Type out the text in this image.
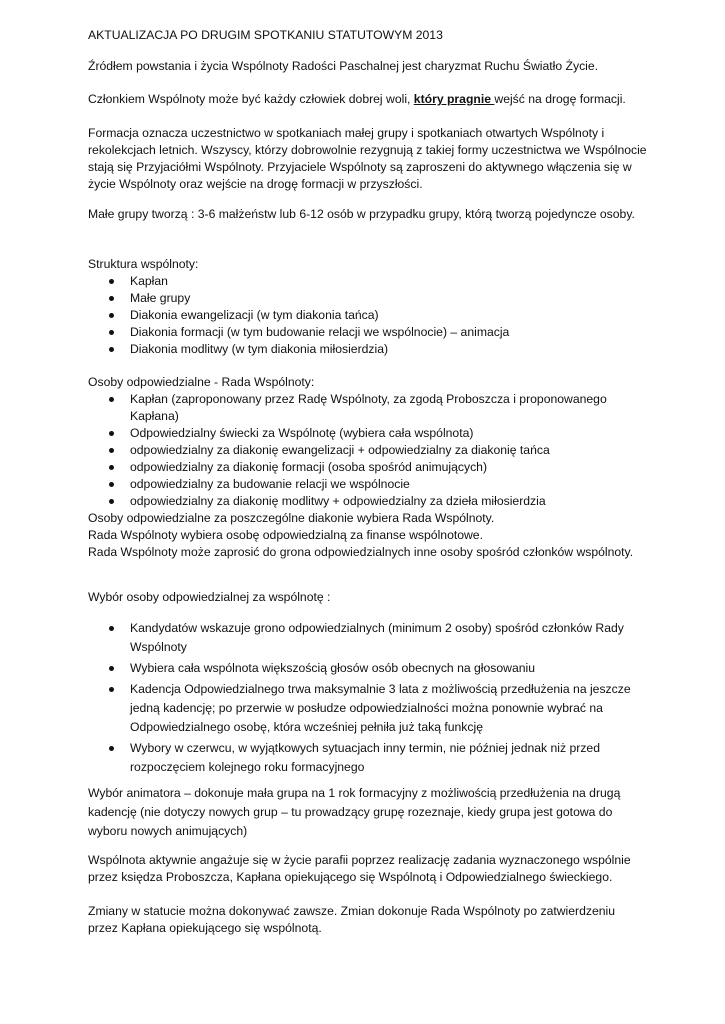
AKTUALIZACJA PO DRUGIM SPOTKANIU STATUTOWYM 2013

Źródłem powstania i życia Wspólnoty Radości Paschalnej jest charyzmat Ruchu Światło Życie.

Członkiem Wspólnoty może być każdy człowiek dobrej woli, który pragnie wejść na drogę formacji.

Formacja oznacza uczestnictwo w spotkaniach małej grupy i spotkaniach otwartych Wspólnoty i rekolekcjach letnich. Wszyscy, którzy dobrowolnie rezygnują z takiej formy uczestnictwa we Wspólnocie stają się Przyjaciółmi Wspólnoty. Przyjaciele Wspólnoty są zaproszeni do aktywnego włączenia się w życie Wspólnoty oraz wejście na drogę formacji w przyszłości.

Małe grupy tworzą : 3-6 małżeństw lub 6-12 osób w przypadku grupy, którą tworzą pojedyncze osoby.

Struktura wspólnoty:
Kapłan
Małe grupy
Diakonia ewangelizacji (w tym diakonia tańca)
Diakonia formacji (w tym budowanie relacji we wspólnocie) – animacja
Diakonia modlitwy (w tym diakonia miłosierdzia)
Osoby odpowiedzialne - Rada Wspólnoty:
Kapłan (zaproponowany przez Radę Wspólnoty, za zgodą Proboszcza i proponowanego Kapłana)
Odpowiedzialny świecki za Wspólnotę (wybiera cała wspólnota)
odpowiedzialny za diakonię ewangelizacji + odpowiedzialny za diakonię tańca
odpowiedzialny za diakonię formacji (osoba spośród animujących)
odpowiedzialny za budowanie relacji we wspólnocie
odpowiedzialny za diakonię modlitwy + odpowiedzialny za dzieła miłosierdzia
Osoby odpowiedzialne za poszczególne diakonie wybiera Rada Wspólnoty.
Rada Wspólnoty wybiera osobę odpowiedzialną za finanse wspólnotowe.
Rada Wspólnoty może zaprosić do grona odpowiedzialnych inne osoby spośród członków wspólnoty.
Wybór osoby odpowiedzialnej za wspólnotę :
Kandydatów wskazuje grono odpowiedzialnych (minimum 2 osoby) spośród członków Rady Wspólnoty
Wybiera cała wspólnota większością głosów osób obecnych na głosowaniu
Kadencja Odpowiedzialnego trwa maksymalnie 3 lata z możliwością przedłużenia na jeszcze jedną kadencję; po przerwie w posłudze odpowiedzialności można ponownie wybrać na Odpowiedzialnego osobę, która wcześniej pełniła już taką funkcję
Wybory w czerwcu, w wyjątkowych sytuacjach inny termin, nie później jednak niż przed rozpoczęciem kolejnego roku formacyjnego

Wybór animatora – dokonuje mała grupa na 1 rok formacyjny z możliwością przedłużenia na drugą kadencję (nie dotyczy nowych grup – tu prowadzący grupę rozeznaje, kiedy grupa jest gotowa do wyboru nowych animujących)

Wspólnota aktywnie angażuje się w życie parafii poprzez realizację zadania wyznaczonego wspólnie przez księdza Proboszcza, Kapłana opiekującego się Wspólnotą i Odpowiedzialnego świeckiego.

Zmiany w statucie można dokonywać zawsze. Zmian dokonuje Rada Wspólnoty po zatwierdzeniu przez Kapłana opiekującego się wspólnotą.
